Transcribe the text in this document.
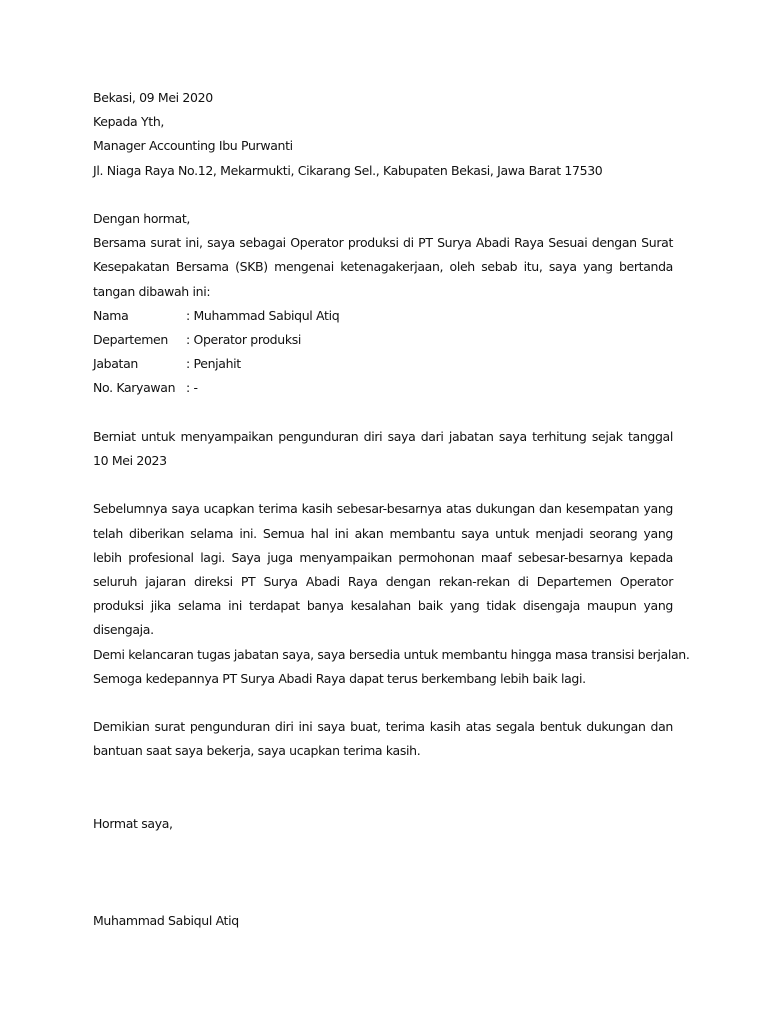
Bekasi, 09 Mei 2020
Kepada Yth,
Manager Accounting Ibu Purwanti
Jl. Niaga Raya No.12, Mekarmukti, Cikarang Sel., Kabupaten Bekasi, Jawa Barat 17530
Dengan hormat,
Bersama surat ini, saya sebagai Operator produksi di PT Surya Abadi Raya Sesuai dengan Surat Kesepakatan Bersama (SKB) mengenai ketenagakerjaan, oleh sebab itu, saya yang bertanda tangan dibawah ini:
Nama	: Muhammad Sabiqul Atiq
Departemen	: Operator produksi
Jabatan	: Penjahit
No. Karyawan : -
Berniat untuk menyampaikan pengunduran diri saya dari jabatan saya terhitung sejak tanggal 10 Mei 2023
Sebelumnya saya ucapkan terima kasih sebesar-besarnya atas dukungan dan kesempatan yang telah diberikan selama ini. Semua hal ini akan membantu saya untuk menjadi seorang yang lebih profesional lagi. Saya juga menyampaikan permohonan maaf sebesar-besarnya kepada seluruh jajaran direksi PT Surya Abadi Raya dengan rekan-rekan di Departemen Operator produksi jika selama ini terdapat banya kesalahan baik yang tidak disengaja maupun yang disengaja.
Demi kelancaran tugas jabatan saya, saya bersedia untuk membantu hingga masa transisi berjalan.
Semoga kedepannya PT Surya Abadi Raya dapat terus berkembang lebih baik lagi.
Demikian surat pengunduran diri ini saya buat, terima kasih atas segala bentuk dukungan dan bantuan saat saya bekerja, saya ucapkan terima kasih.
Hormat saya,
Muhammad Sabiqul Atiq
